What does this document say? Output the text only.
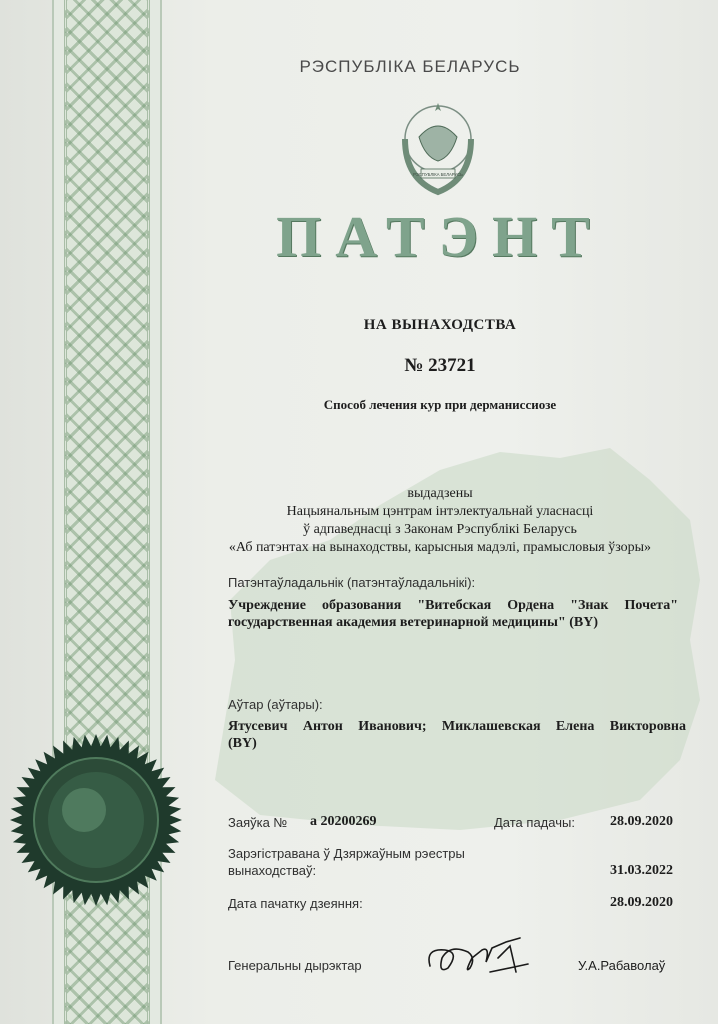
РЭСПУБЛІКА БЕЛАРУСЬ
РЭСПУБЛІКА БЕЛАРУСЬ
ПАТЭНТ
НА ВЫНАХОДСТВА
№ 23721
Способ лечения кур при дерманиссиозе
выдадзены
Нацыянальным цэнтрам інтэлектуальнай уласнасці
ў адпаведнасці з Законам Рэспублікі Беларусь
«Аб патэнтах на вынаходствы, карысныя мадэлі, прамысловыя ўзоры»
Патэнтаўладальнік (патэнтаўладальнікі):
Учреждение образования "Витебская Ордена "Знак Почета" государственная академия ветеринарной медицины" (BY)
Аўтар (аўтары):
Ятусевич Антон Иванович; Миклашевская Елена Викторовна (BY)
Заяўка № а 20200269	Дата падачы:	28.09.2020
Зарэгістравана ў Дзяржаўным рэестры
вынаходстваў:	31.03.2022
Дата пачатку дзеяння:	28.09.2020
Генеральны дырэктар	У.А.Рабаволаў
